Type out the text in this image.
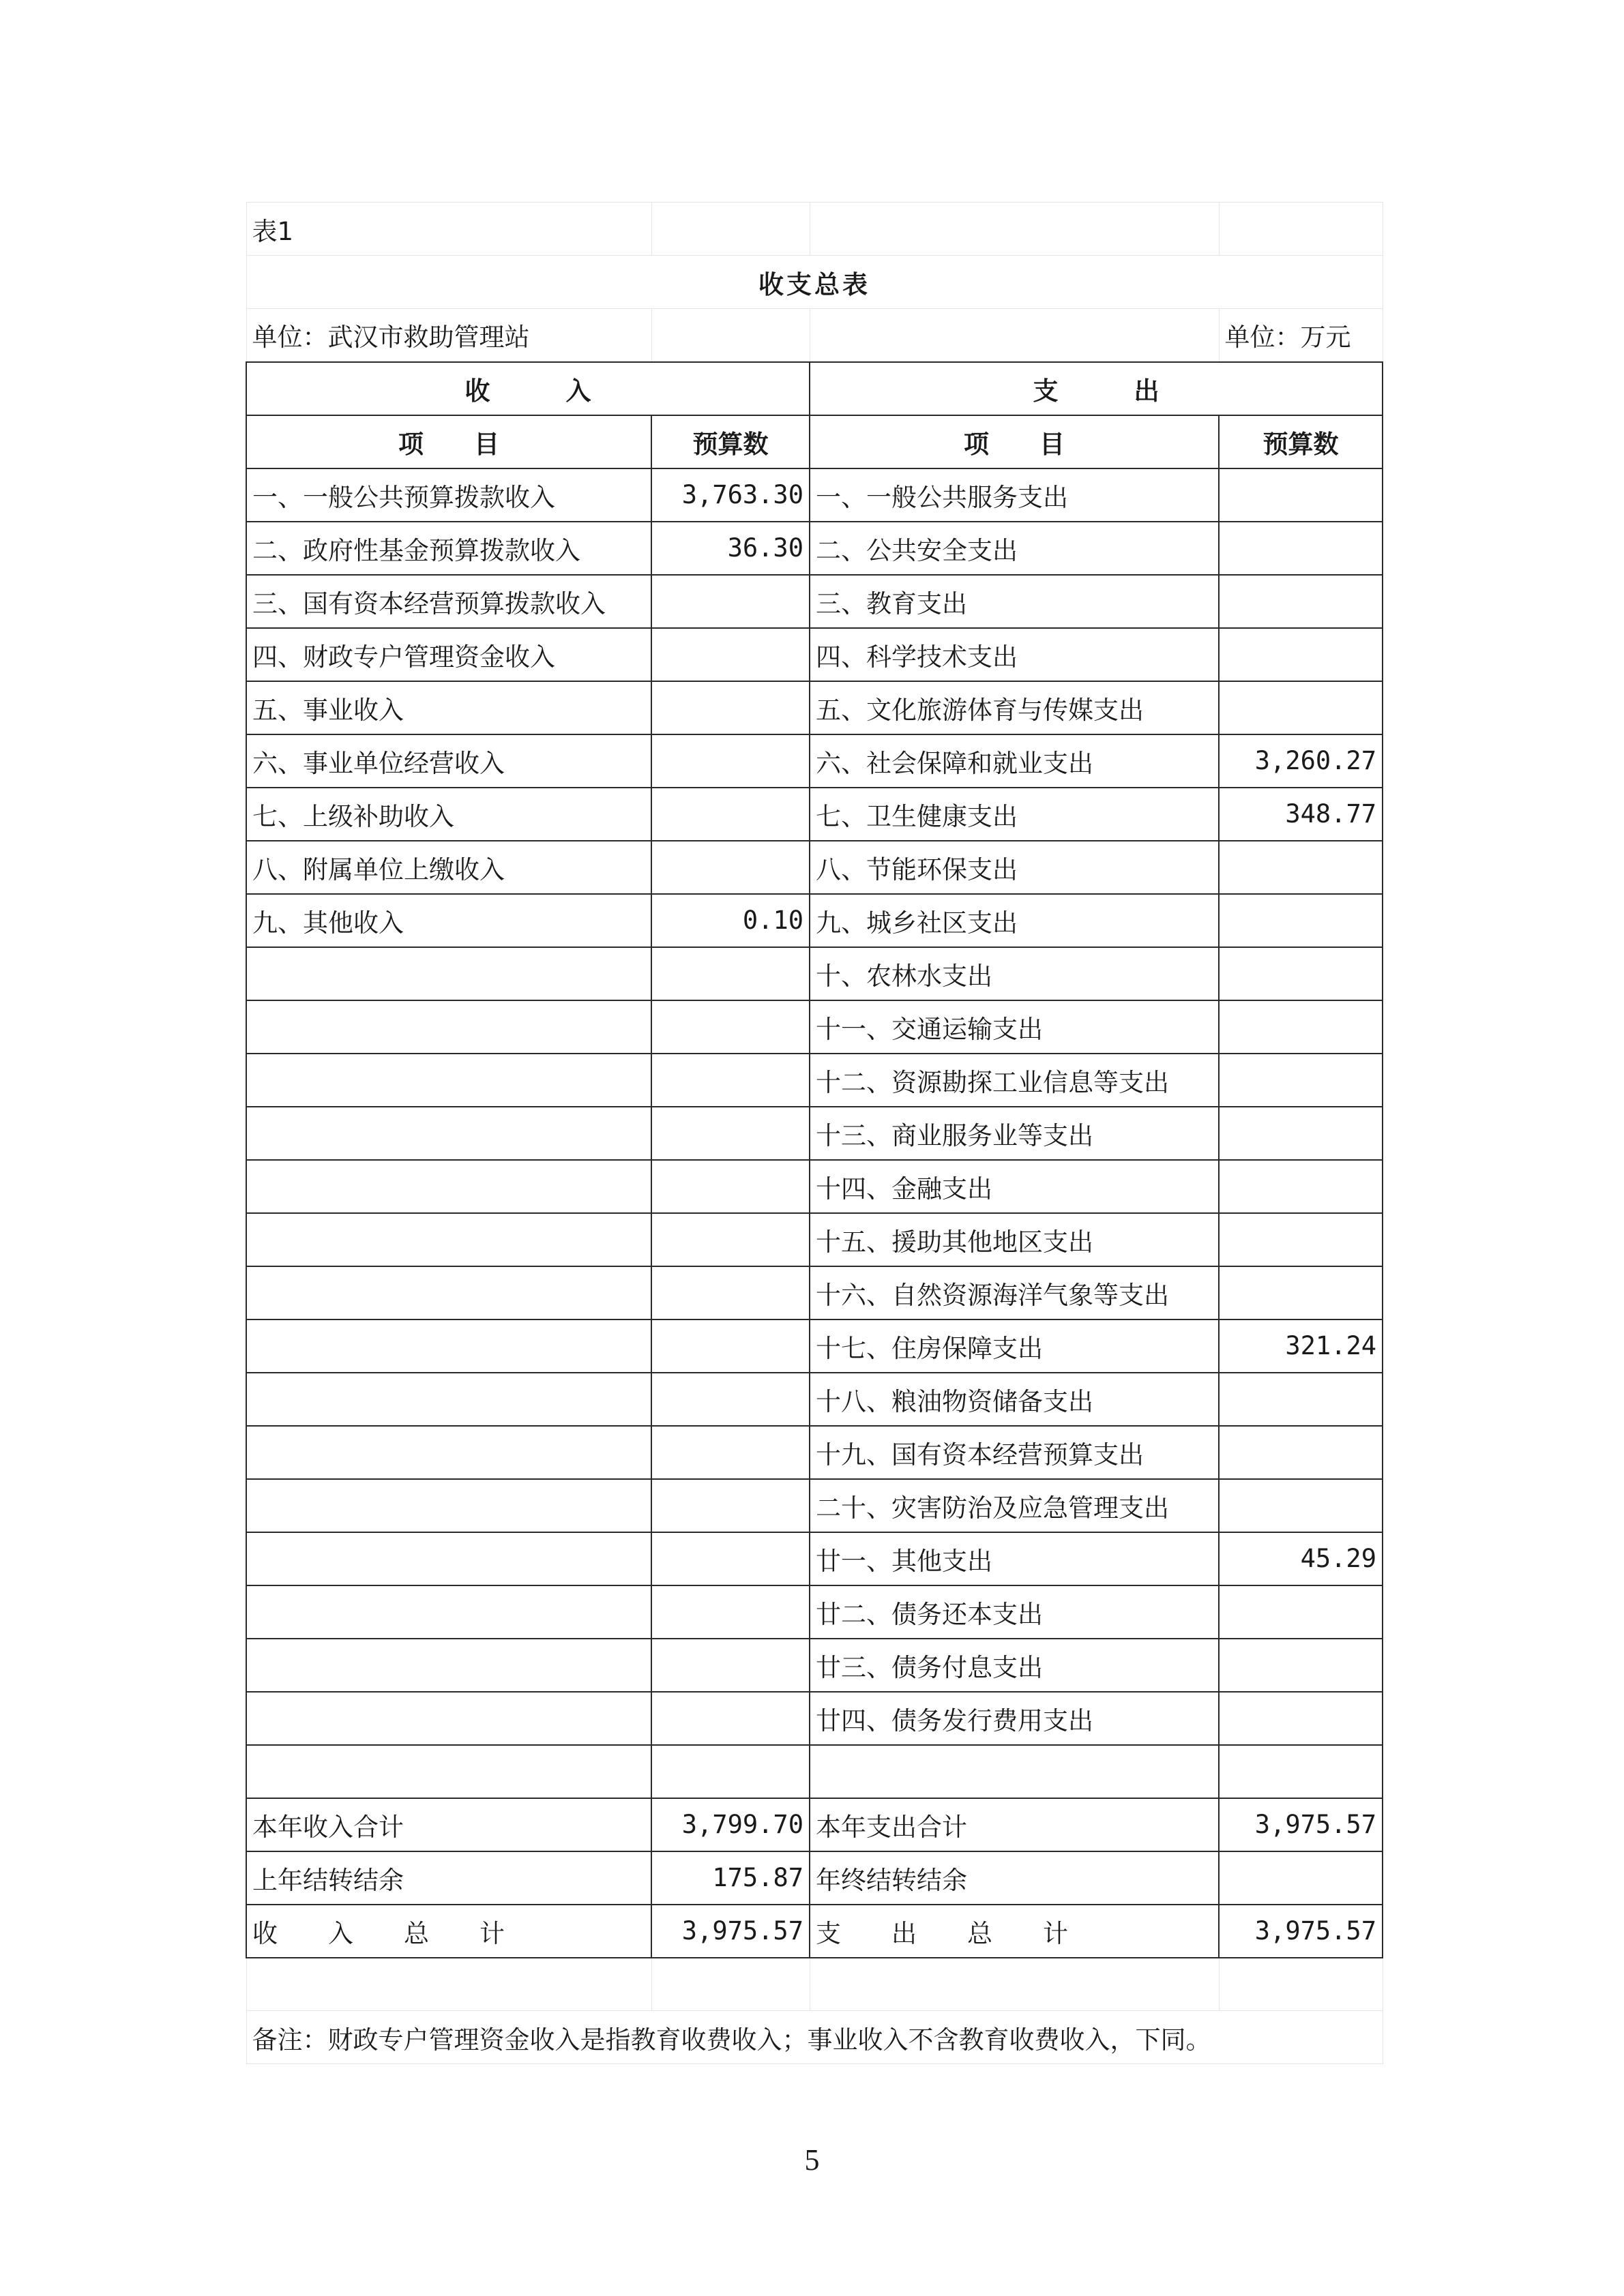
表1			
收支总表			
单位：武汉市救助管理站			单位：万元
收　　　入		支　　　出	
项　　目	预算数	项　　目	预算数
一、一般公共预算拨款收入	3,763.30	一、一般公共服务支出	
二、政府性基金预算拨款收入	36.30	二、公共安全支出	
三、国有资本经营预算拨款收入		三、教育支出	
四、财政专户管理资金收入		四、科学技术支出	
五、事业收入		五、文化旅游体育与传媒支出	
六、事业单位经营收入		六、社会保障和就业支出	3,260.27
七、上级补助收入		七、卫生健康支出	348.77
八、附属单位上缴收入		八、节能环保支出	
九、其他收入	0.10	九、城乡社区支出	
		十、农林水支出	
		十一、交通运输支出	
		十二、资源勘探工业信息等支出	
		十三、商业服务业等支出	
		十四、金融支出	
		十五、援助其他地区支出	
		十六、自然资源海洋气象等支出	
		十七、住房保障支出	321.24
		十八、粮油物资储备支出	
		十九、国有资本经营预算支出	
		二十、灾害防治及应急管理支出	
		廿一、其他支出	45.29
		廿二、债务还本支出	
		廿三、债务付息支出	
		廿四、债务发行费用支出	

本年收入合计	3,799.70	本年支出合计	3,975.57
上年结转结余	175.87	年终结转结余	
收　　入　　总　　计	3,975.57	支　　出　　总　　计	3,975.57

备注：财政专户管理资金收入是指教育收费收入；事业收入不含教育收费收入，下同。			
5
